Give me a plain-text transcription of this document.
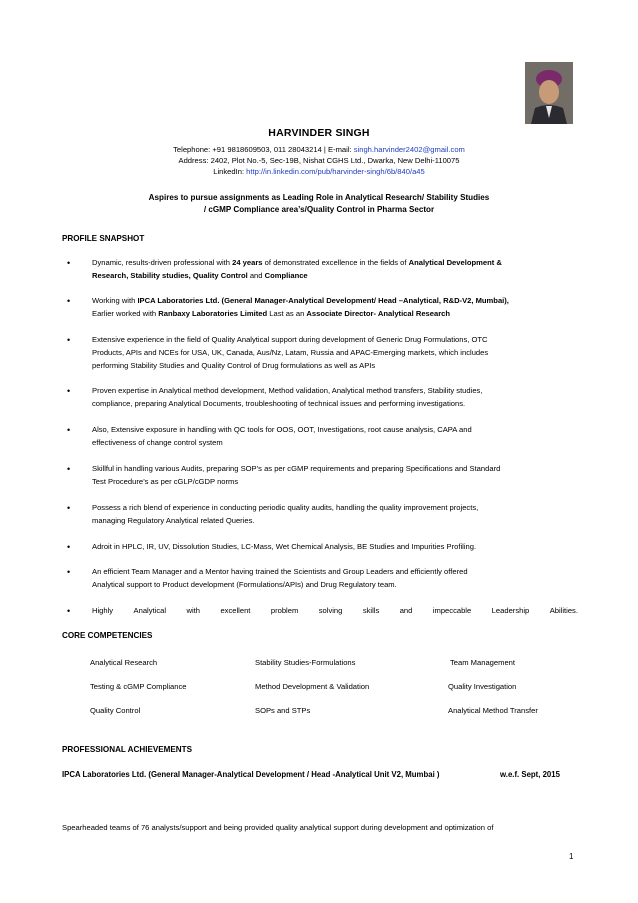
HARVINDER SINGH
Telephone: +91 9818609503, 011 28043214 | E-mail: singh.harvinder2402@gmail.com
Address: 2402, Plot No.-5, Sec-19B, Nishat CGHS Ltd., Dwarka, New Delhi-110075
LinkedIn: http://in.linkedin.com/pub/harvinder-singh/6b/840/a45
Aspires to pursue assignments as Leading Role in Analytical Research/ Stability Studies
/ cGMP Compliance area’s/Quality Control in Pharma Sector
PROFILE SNAPSHOT
•	Dynamic, results-driven professional with 24 years of demonstrated excellence in the fields of Analytical Development &
Research, Stability studies, Quality Control and Compliance
•	Working with IPCA Laboratories Ltd. (General Manager-Analytical Development/ Head –Analytical, R&D-V2, Mumbai),
Earlier worked with Ranbaxy Laboratories Limited Last as an Associate Director- Analytical Research
•	Extensive experience in the field of Quality Analytical support during development of Generic Drug Formulations, OTC
Products, APIs and NCEs for USA, UK, Canada, Aus/Nz, Latam, Russia and APAC-Emerging markets, which includes
performing Stability Studies and Quality Control of Drug formulations as well as APIs
•	Proven expertise in Analytical method development, Method validation, Analytical method transfers, Stability studies,
compliance, preparing Analytical Documents, troubleshooting of technical issues and performing investigations.
•	Also, Extensive exposure in handling with QC tools for OOS, OOT, Investigations, root cause analysis, CAPA and
effectiveness of change control system
•	Skillful in handling various Audits, preparing SOP’s as per cGMP requirements and preparing Specifications and Standard
Test Procedure’s as per cGLP/cGDP norms
•	Possess a rich blend of experience in conducting periodic quality audits, handling the quality improvement projects,
managing Regulatory Analytical related Queries.
•	Adroit in HPLC, IR, UV, Dissolution Studies, LC-Mass, Wet Chemical Analysis, BE Studies and Impurities Profiling.
•	An efficient Team Manager and a Mentor having trained the Scientists and Group Leaders and efficiently offered
Analytical support to Product development (Formulations/APIs) and Drug Regulatory team.
•	Highly	Analytical	with	excellent	problem	solving	skills	and	impeccable	Leadership	Abilities.
CORE COMPETENCIES
Analytical Research	Stability Studies-Formulations	Team Management
Testing & cGMP Compliance	Method Development & Validation	Quality Investigation
Quality Control	SOPs and STPs	Analytical Method Transfer
PROFESSIONAL ACHIEVEMENTS
IPCA Laboratories Ltd. (General Manager-Analytical Development / Head -Analytical Unit V2, Mumbai )	w.e.f. Sept, 2015
Spearheaded teams of 76 analysts/support and being provided quality analytical support during development and optimization of
1
